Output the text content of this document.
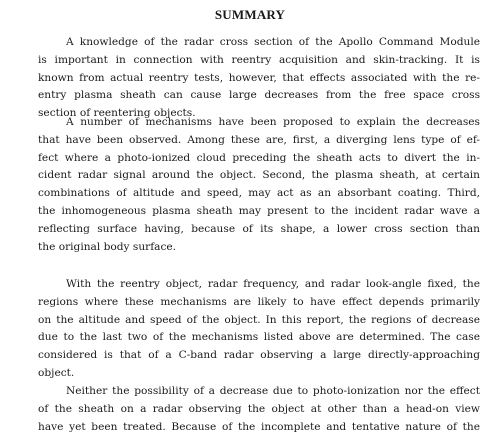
SUMMARY
A knowledge of the radar cross section of the Apollo Command Module
is important in connection with reentry acquisition and skin-tracking. It is
known from actual reentry tests, however, that effects associated with the re-
entry plasma sheath can cause large decreases from the free space cross
section of reentering objects.
A number of mechanisms have been proposed to explain the decreases
that have been observed. Among these are, first, a diverging lens type of ef-
fect where a photo-ionized cloud preceding the sheath acts to divert the in-
cident radar signal around the object. Second, the plasma sheath, at certain
combinations of altitude and speed, may act as an absorbant coating. Third,
the inhomogeneous plasma sheath may present to the incident radar wave a
reflecting surface having, because of its shape, a lower cross section than
the original body surface.
With the reentry object, radar frequency, and radar look-angle fixed, the
regions where these mechanisms are likely to have effect depends primarily
on the altitude and speed of the object. In this report, the regions of decrease
due to the last two of the mechanisms listed above are determined. The case
considered is that of a C-band radar observing a large directly-approaching
object.
Neither the possibility of a decrease due to photo-ionization nor the effect
of the sheath on a radar observing the object at other than a head-on view
have yet been treated. Because of the incomplete and tentative nature of the
